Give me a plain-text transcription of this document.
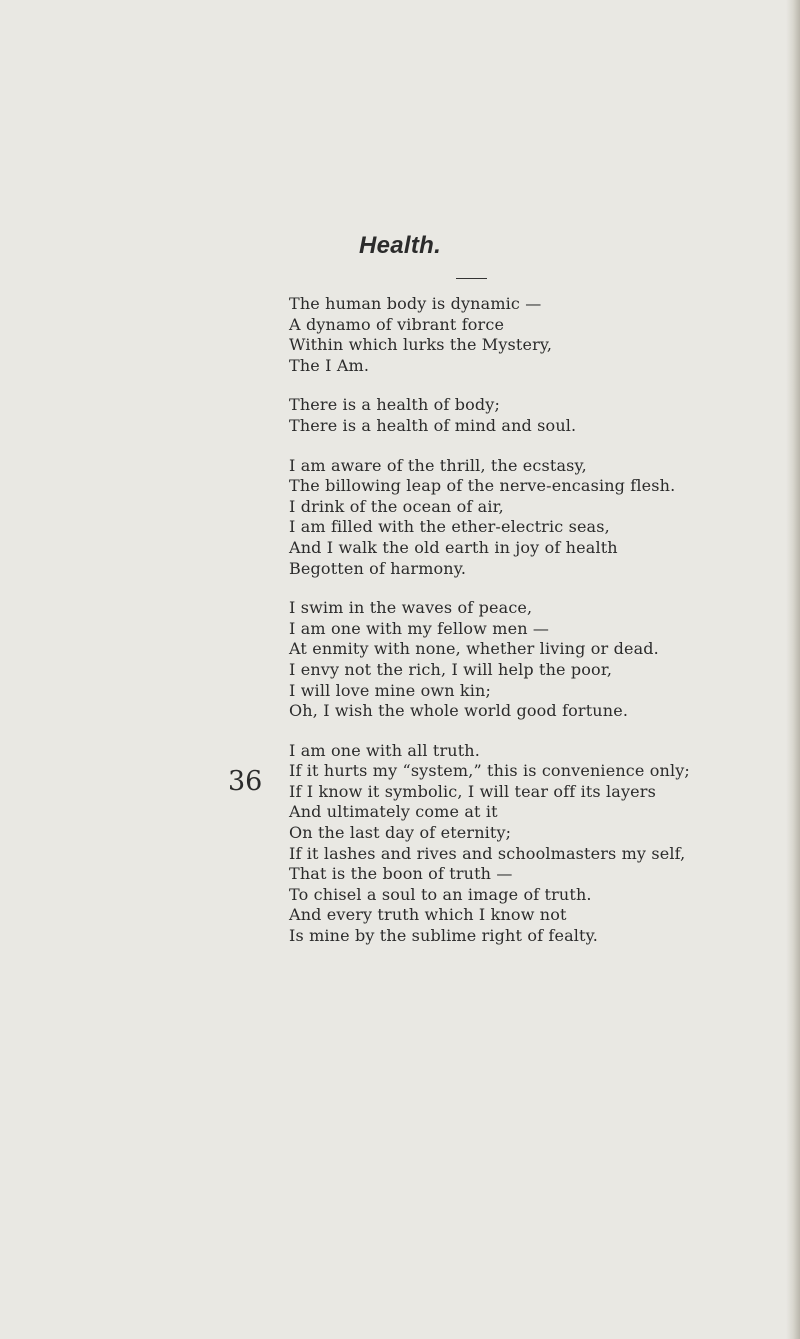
Health.
The human body is dynamic —
A dynamo of vibrant force
Within which lurks the Mystery,
The I Am.
There is a health of body;
There is a health of mind and soul.
I am aware of the thrill, the ecstasy,
The billowing leap of the nerve-encasing flesh.
I drink of the ocean of air,
I am filled with the ether-electric seas,
And I walk the old earth in joy of health
Begotten of harmony.
I swim in the waves of peace,
I am one with my fellow men —
At enmity with none, whether living or dead.
I envy not the rich, I will help the poor,
I will love mine own kin;
Oh, I wish the whole world good fortune.
I am one with all truth.
If it hurts my “system,” this is convenience only;
If I know it symbolic, I will tear off its layers
And ultimately come at it
On the last day of eternity;
If it lashes and rives and schoolmasters my self,
That is the boon of truth —
To chisel a soul to an image of truth.
And every truth which I know not
Is mine by the sublime right of fealty.
36
